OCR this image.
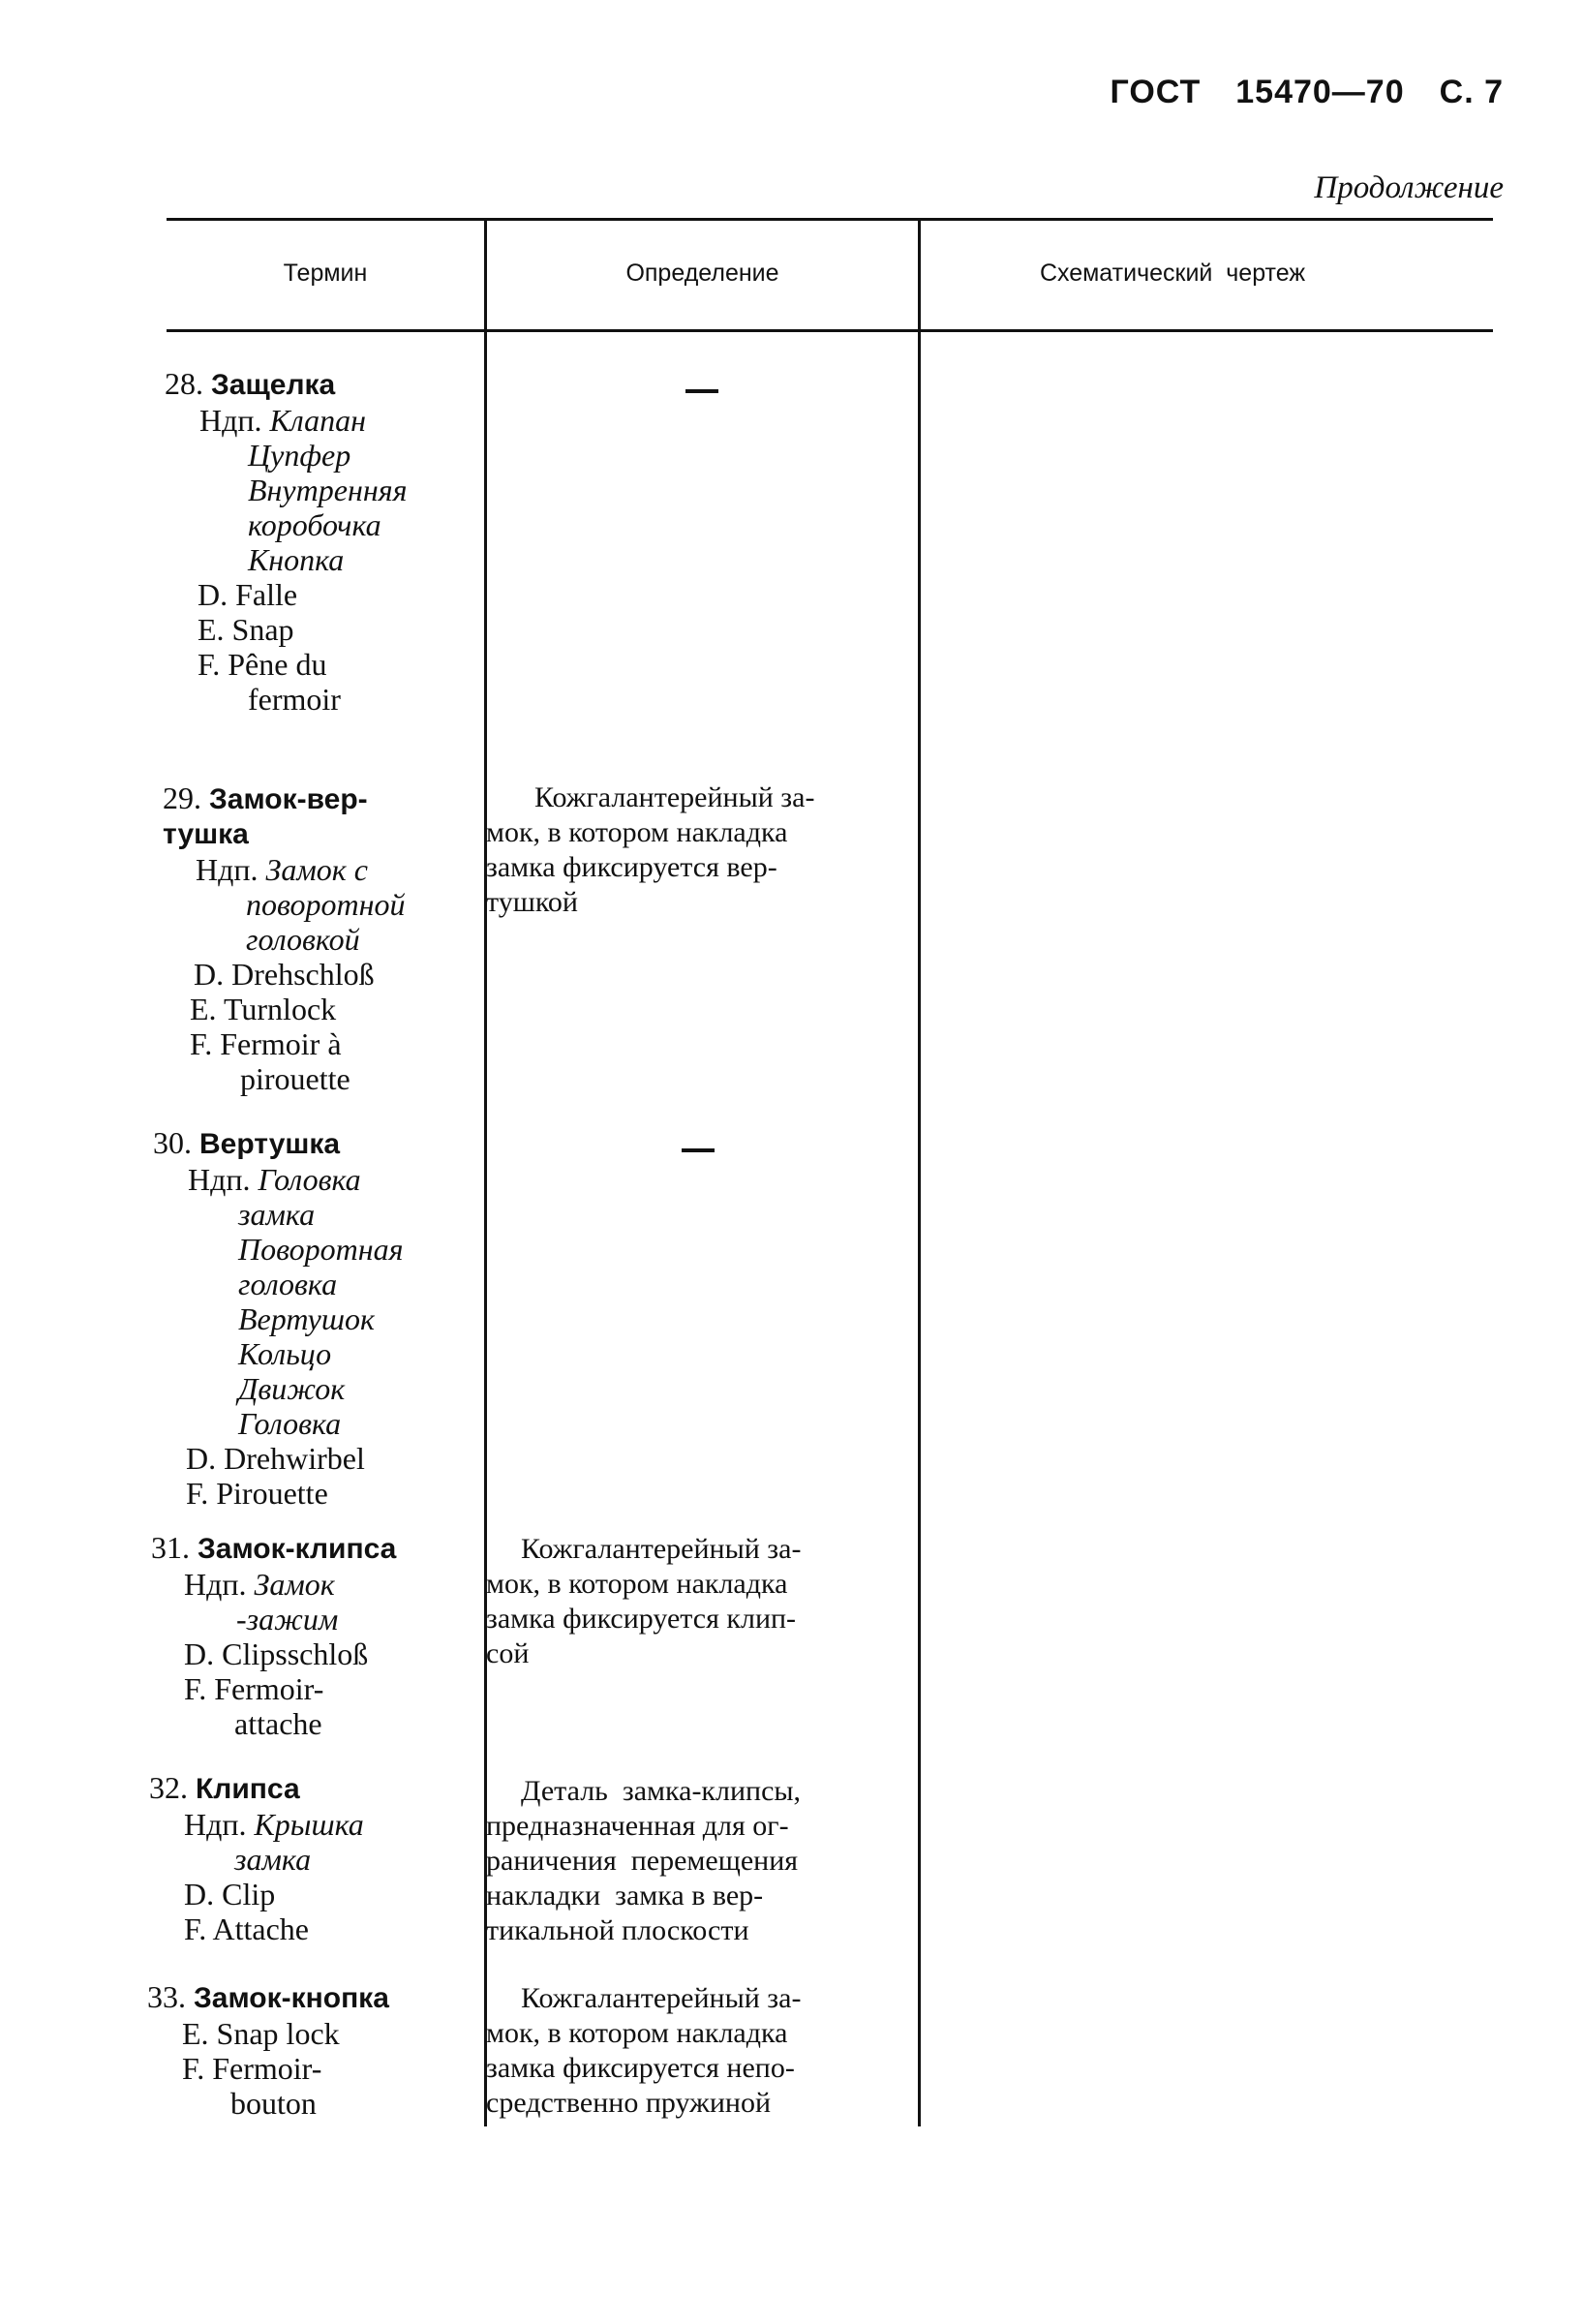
ГОСТ 15470—70 С. 7
Продолжение
Термин	Определение	Схематический  чертеж
28. Защелка
Ндп. Клапан
Цупфер
Внутренняя
коробочка
Кнопка
D. Falle
E. Snap
F. Pêne du
fermoir
29. Замок-вер-
тушка
Ндп. Замок с
поворотной
головкой
D. Drehschloß
E. Turnlock
F. Fermoir à
pirouette
Кожгалантерейный за-
мок, в котором накладка
замка фиксируется вер-
тушкой
30. Вертушка
Ндп. Головка
замка
Поворотная
головка
Вертушок
Кольцо
Движок
Головка
D. Drehwirbel
F. Pirouette
31. Замок-клипса
Ндп. Замок
-зажим
D. Clipsschloß
F. Fermoir-
attache
Кожгалантерейный за-
мок, в котором накладка
замка фиксируется клип-
сой
32. Клипса
Ндп. Крышка
замка
D. Clip
F. Attache
Деталь  замка-клипсы,
предназначенная для ог-
раничения  перемещения
накладки  замка в вер-
тикальной плоскости
33. Замок-кнопка
E. Snap lock
F. Fermoir-
bouton
Кожгалантерейный за-
мок, в котором накладка
замка фиксируется непо-
средственно пружиной
